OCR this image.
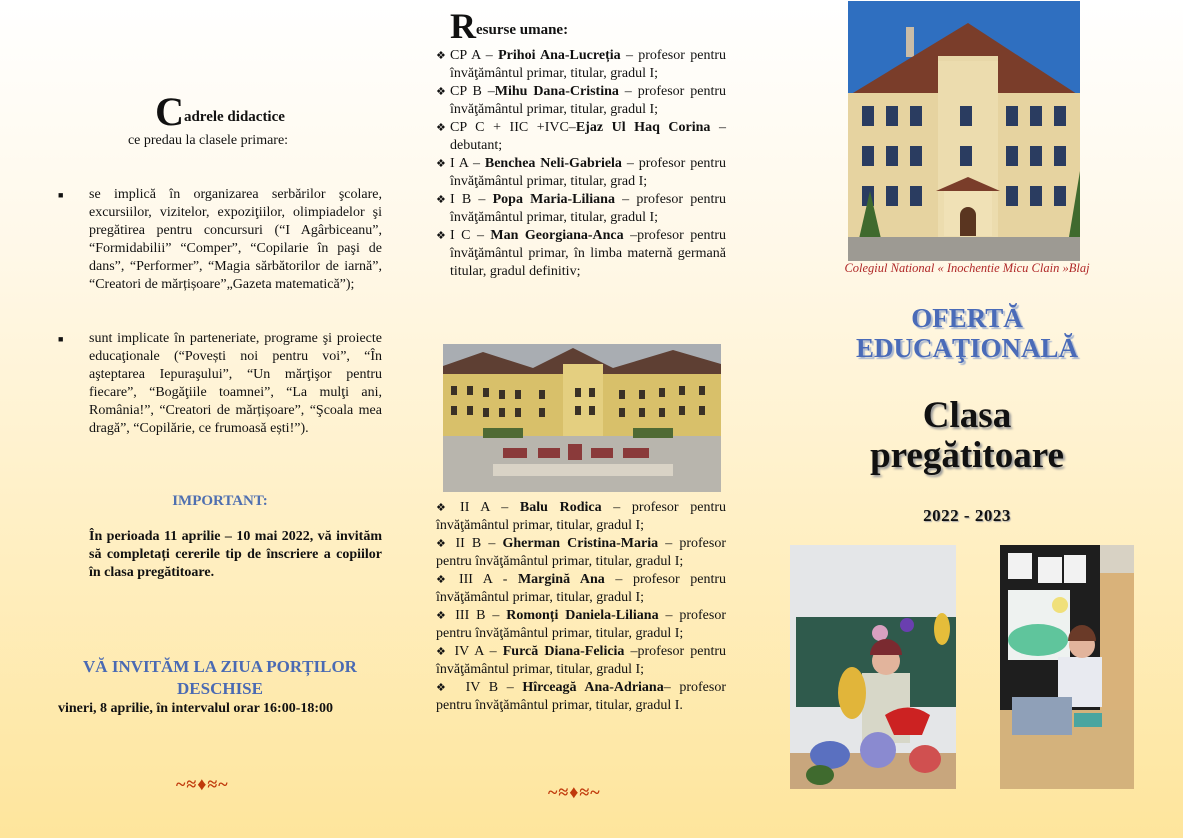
Cadrele didactice
ce predau la clasele primare:
■ se implică în organizarea serbărilor şcolare, excursiilor, vizitelor, expoziţiilor, olimpiadelor şi pregătirea pentru concursuri (“I Agârbiceanu”, “Formidabilii” “Comper”, “Copilarie în paşi de dans”, “Performer”, “Magia sărbătorilor de iarnă”, “Creatori de mărțișoare”„Gazeta matematică”);
■ sunt implicate în parteneriate, programe şi proiecte educaţionale (“Povești noi pentru voi”, “În aşteptarea Iepuraşului”, “Un mărţişor pentru fiecare”, “Bogăţiile toamnei”, “La mulţi ani, România!”, “Creatori de mărțișoare”, “Şcoala mea dragă”, “Copilărie, ce frumoasă ești!”).
IMPORTANT:
În perioada 11 aprilie – 10 mai 2022, vă invităm să completați cererile tip de înscriere a copiilor în clasa pregătitoare.
VĂ INVITĂM LA ZIUA PORȚILOR DESCHISE
vineri, 8 aprilie, în intervalul orar 16:00-18:00
~≈♦≈~
Resurse umane:
❖ CP A – Prihoi Ana-Lucreția – profesor pentru învăţământul primar, titular, gradul I;
❖ CP B –Mihu Dana-Cristina – profesor pentru învăţământul primar, titular, gradul I;
❖ CP C + IIC +IVC–Ejaz Ul Haq Corina – debutant;
❖ I A – Benchea Neli-Gabriela – profesor pentru învăţământul primar, titular, grad I;
❖ I B – Popa Maria-Liliana – profesor pentru învăţământul primar, titular, gradul I;
❖ I C – Man Georgiana-Anca –profesor pentru învăţământul primar, în limba maternă germană titular, gradul definitiv;
❖ II A – Balu Rodica – profesor pentru învăţământul primar, titular, gradul I;
❖ II B – Gherman Cristina-Maria – profesor pentru învăţământul primar, titular, gradul I;
❖ III A - Margină Ana – profesor pentru învăţământul primar, titular, gradul I;
❖ III B – Romonți Daniela-Liliana – profesor pentru învăţământul primar, titular, gradul I;
❖ IV A – Furcă Diana-Felicia –profesor pentru învăţământul primar, titular, gradul I;
❖ IV B – Hîrceagă Ana-Adriana– profesor pentru învăţământul primar, titular, gradul I.
~≈♦≈~
Colegiul National « Inochentie Micu Clain »Blaj
OFERTĂ
EDUCAŢIONALĂ
Clasa
pregătitoare
2022 - 2023
